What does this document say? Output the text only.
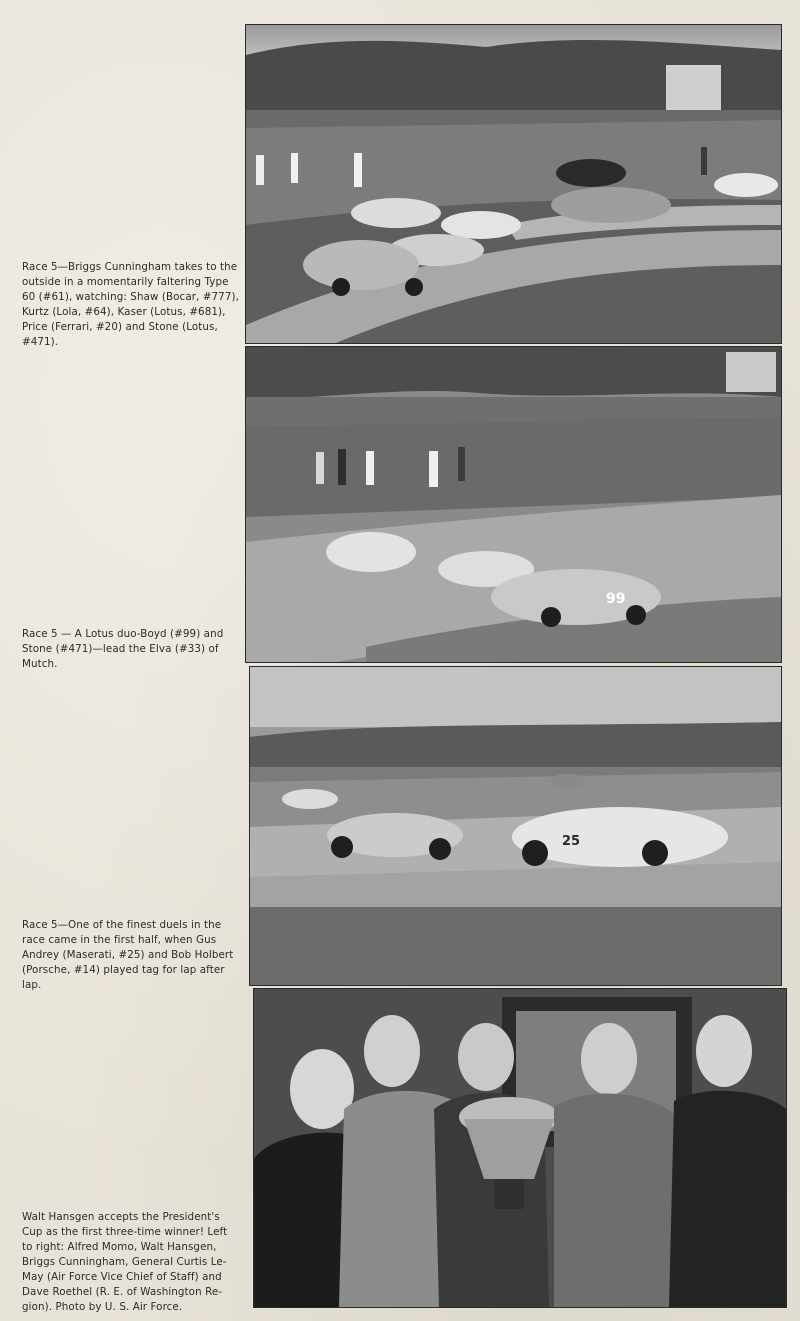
99
25
Race 5—Briggs Cunningham takes to the
outside in a momentarily faltering Type
60 (#61), watching: Shaw (Bocar, #777),
Kurtz (Lola, #64), Kaser (Lotus, #681),
Price (Ferrari, #20) and Stone (Lotus,
#471).
Race 5 — A Lotus duo-Boyd (#99) and
Stone (#471)—lead the Elva (#33) of
Mutch.
Race 5—One of the finest duels in the
race came in the first half, when Gus
Andrey (Maserati, #25) and Bob Holbert
(Porsche, #14) played tag for lap after
lap.
Walt Hansgen accepts the President's
Cup as the first three-time winner! Left
to right: Alfred Momo, Walt Hansgen,
Briggs Cunningham, General Curtis Le-
May (Air Force Vice Chief of Staff) and
Dave Roethel (R. E. of Washington Re-
gion). Photo by U. S. Air Force.
